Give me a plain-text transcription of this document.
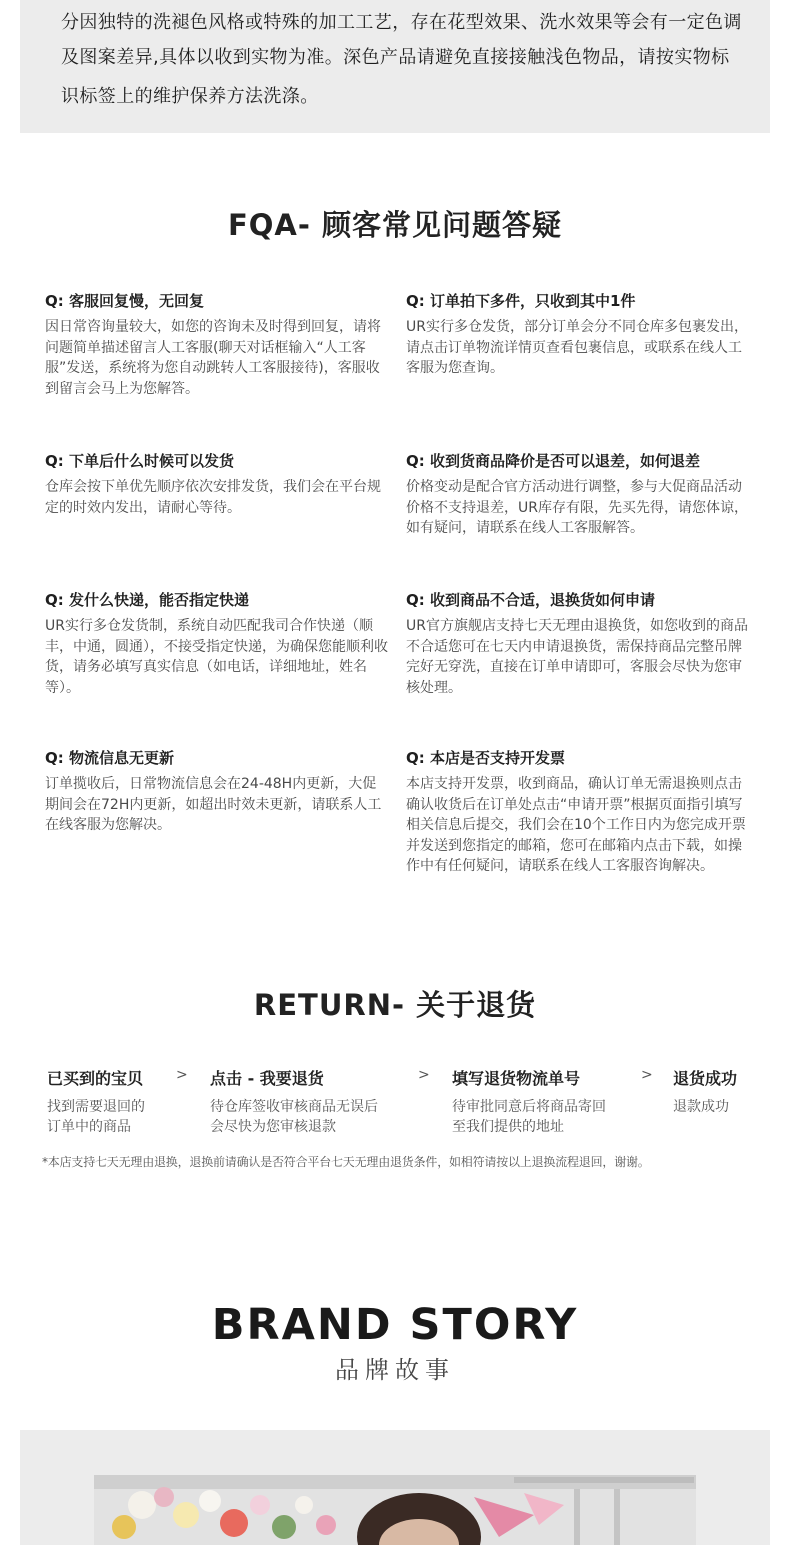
分因独特的洗褪色风格或特殊的加工工艺，存在花型效果、洗水效果等会有一定色调
及图案差异,具体以收到实物为准。深色产品请避免直接接触浅色物品，请按实物标
识标签上的维护保养方法洗涤。
FQA- 顾客常见问题答疑

Q: 客服回复慢，无回复

因日常咨询量较大，如您的咨询未及时得到回复，请将问题简单描述留言人工客服(聊天对话框输入“人工客服”发送，系统将为您自动跳转人工客服接待)，客服收到留言会马上为您解答。

Q: 订单拍下多件，只收到其中1件

UR实行多仓发货，部分订单会分不同仓库多包裹发出，请点击订单物流详情页查看包裹信息，或联系在线人工客服为您查询。

Q: 下单后什么时候可以发货

仓库会按下单优先顺序依次安排发货，我们会在平台规定的时效内发出，请耐心等待。

Q: 收到货商品降价是否可以退差，如何退差

价格变动是配合官方活动进行调整，参与大促商品活动价格不支持退差，UR库存有限，先买先得，请您体谅，如有疑问，请联系在线人工客服解答。

Q: 发什么快递，能否指定快递

UR实行多仓发货制，系统自动匹配我司合作快递（顺丰，中通，圆通），不接受指定快递，为确保您能顺利收货，请务必填写真实信息（如电话，详细地址，姓名等）。

Q: 收到商品不合适，退换货如何申请

UR官方旗舰店支持七天无理由退换货，如您收到的商品不合适您可在七天内申请退换货，需保持商品完整吊牌完好无穿洗，直接在订单申请即可，客服会尽快为您审核处理。

Q: 物流信息无更新

订单揽收后，日常物流信息会在24-48H内更新，大促期间会在72H内更新，如超出时效未更新，请联系人工在线客服为您解决。

Q: 本店是否支持开发票

本店支持开发票，收到商品，确认订单无需退换则点击确认收货后在订单处点击“申请开票”根据页面指引填写相关信息后提交，我们会在10个工作日内为您完成开票并发送到您指定的邮箱，您可在邮箱内点击下载，如操作中有任何疑问，请联系在线人工客服咨询解决。

RETURN- 关于退货
已买到的宝贝
找到需要退回的
订单中的商品
> 点击 - 我要退货
待仓库签收审核商品无误后
会尽快为您审核退款
> 填写退货物流单号
待审批同意后将商品寄回
至我们提供的地址
> 退货成功
退款成功
*本店支持七天无理由退换，退换前请确认是否符合平台七天无理由退货条件，如相符请按以上退换流程退回，谢谢。
BRAND STORY
品牌故事
